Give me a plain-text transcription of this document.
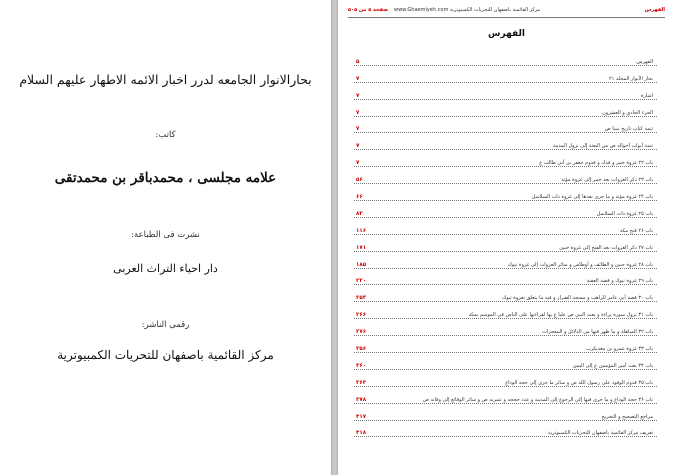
بحارالانوار الجامعه لدرر اخبار الائمه الاطهار علیهم السلام
کاتب:
علامه مجلسی ، محمدباقر بن محمدتقی
نشرت فی الطباعة:
دار احیاء التراث العربی
رقمی الناشر:
مرکز القائمیة باصفهان للتحریات الکمبیوتریة
صفحة ۵ من ۵۰۵ www.Ghaemiyeh.com مركز القائمية باصفهان للتحريات الكمبيوترية	الفهرس
الفهرس
۵	الفهرس
۷	بحار الأنوار المجلد ۲۱
۷	اشارة
۷	الجزء الحادي و العشرون
۷	تتمة كتاب تاريخ نبينا ص
۷	تتمة أبواب أحواله ص من البعثة إلى نزول المدينة
۷	باب ۲۲ غزوة خيبر و فدك و قدوم جعفر بن أبي طالب ع
۵۶	باب ۲۳ ذكر الغزوات بعد خيبر إلى غزوة مؤتة
۶۶	باب ۲۴ غزوة مؤتة و ما جرى بعدها إلى غزوة ذات السلاسل
۸۲	باب ۲۵ غزوة ذات السلاسل
۱۱۶	باب ۲۶ فتح مكة
۱۷۱	باب ۲۷ ذكر الغزوات بعد الفتح إلى غزوة حنين
۱۸۵	باب ۲۸ غزوة حنين و الطائف و أوطاس و سائر الغزوات إلى غزوة تبوك
۲۲۰	باب ۲۹ غزوة تبوك و قصة العقبة
۲۵۳	باب ۳۰ قصة أبي عامر الراهب و مسجد الضرار و فيه ما يتعلق بغزوة تبوك
۲۶۶	باب ۳۱ نزول سورة براءة و بعث النبي ص عليا ع بها لقراءتها على الناس في الموسم بمكة
۲۷۶	باب ۳۲ المباهلة و ما ظهر فيها من الدلائل و المعجزات
۳۵۶	باب ۳۳ غزوة عمرو بن معديكرب
۳۶۰	باب ۳۴ بعث أمير المؤمنين ع إلى اليمن
۳۶۳	باب ۳۵ قدوم الوفود على رسول الله ص و سائر ما جرى إلى حجة الوداع
۳۷۸	باب ۳۶ حجة الوداع و ما جرى فيها إلى الرجوع إلى المدينة و عدد حججه و عمرته ص و سائر الوقائع إلى وفاته ص
۴۱۷	مراجع التصحيح و التخريج
۴۱۸	تعريف مركز القائمية باصفهان للتحريات الكمبيوترية
